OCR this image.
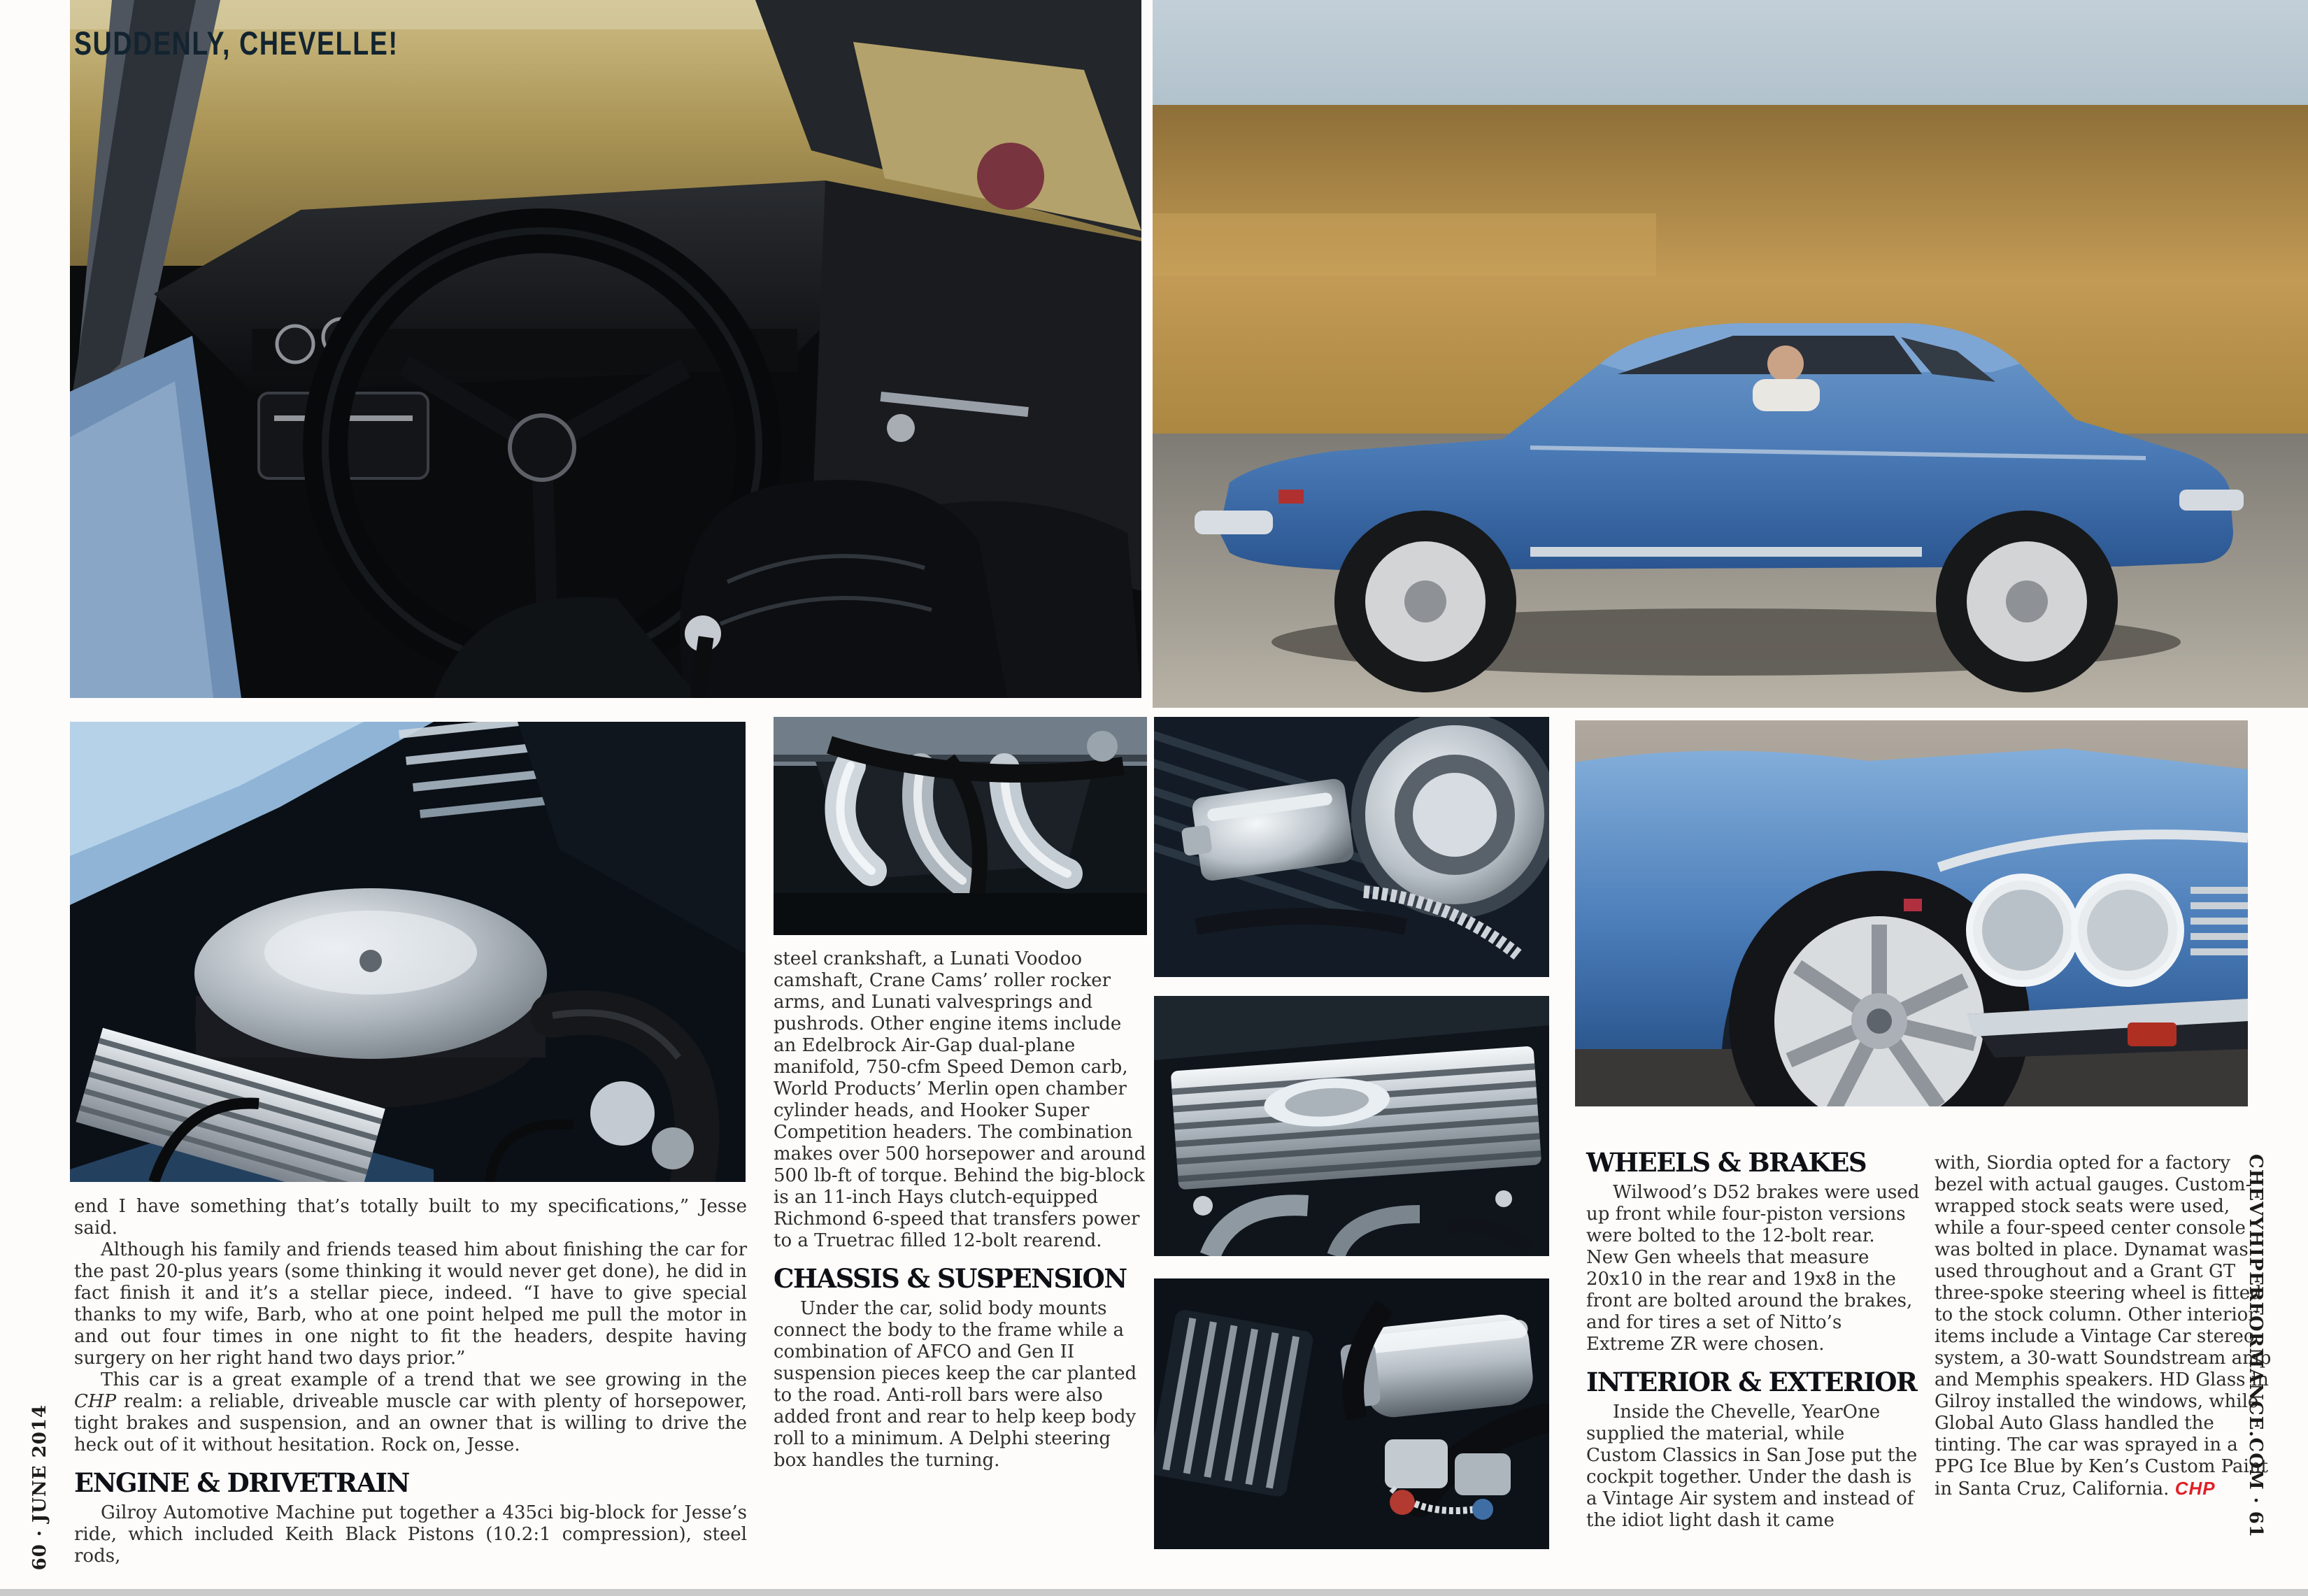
SUDDENLY, CHEVELLE!

end I have something that’s totally built to my specifications,” Jesse said.

Although his family and friends teased him about finishing the car for the past 20-plus years (some thinking it would never get done), he did in fact finish it and it’s a stellar piece, indeed. “I have to give special thanks to my wife, Barb, who at one point helped me pull the motor in and out four times in one night to fit the headers, despite having surgery on her right hand two days prior.”

This car is a great example of a trend that we see growing in the CHP realm: a reliable, driveable muscle car with plenty of horsepower, tight brakes and suspension, and an owner that is willing to drive the heck out of it without hesitation. Rock on, Jesse.

ENGINE & DRIVETRAIN

Gilroy Automotive Machine put together a 435ci big-block for Jesse’s ride, which included Keith Black Pistons (10.2:1 compression), steel rods,

steel crankshaft, a Lunati Voodoo camshaft, Crane Cams’ roller rocker arms, and Lunati valvesprings and pushrods. Other engine items include an Edelbrock Air-Gap dual-plane manifold, 750-cfm Speed Demon carb, World Products’ Merlin open chamber cylinder heads, and Hooker Super Competition headers. The combination makes over 500 horsepower and around 500 lb-ft of torque. Behind the big-block is an 11-inch Hays clutch-equipped Richmond 6-speed that transfers power to a Truetrac filled 12-bolt rearend.

CHASSIS & SUSPENSION

Under the car, solid body mounts connect the body to the frame while a combination of AFCO and Gen II suspension pieces keep the car planted to the road. Anti-roll bars were also added front and rear to help keep body roll to a minimum. A Delphi steering box handles the turning.

WHEELS & BRAKES

Wilwood’s D52 brakes were used up front while four-piston versions were bolted to the 12-bolt rear. New Gen wheels that measure 20x10 in the rear and 19x8 in the front are bolted around the brakes, and for tires a set of Nitto’s Extreme ZR were chosen.

INTERIOR & EXTERIOR

Inside the Chevelle, YearOne supplied the material, while Custom Classics in San Jose put the cockpit together. Under the dash is a Vintage Air system and instead of the idiot light dash it came

with, Siordia opted for a factory bezel with actual gauges. Custom-wrapped stock seats were used, while a four-speed center console was bolted in place. Dynamat was used throughout and a Grant GT three-spoke steering wheel is fitted to the stock column. Other interior items include a Vintage Car stereo system, a 30-watt Soundstream amp and Memphis speakers. HD Glass in Gilroy installed the windows, while Global Auto Glass handled the tinting. The car was sprayed in a PPG Ice Blue by Ken’s Custom Paint in Santa Cruz, California. CHP

60 · JUNE 2014	CHEVYHIPERFORMANCE.COM · 61
